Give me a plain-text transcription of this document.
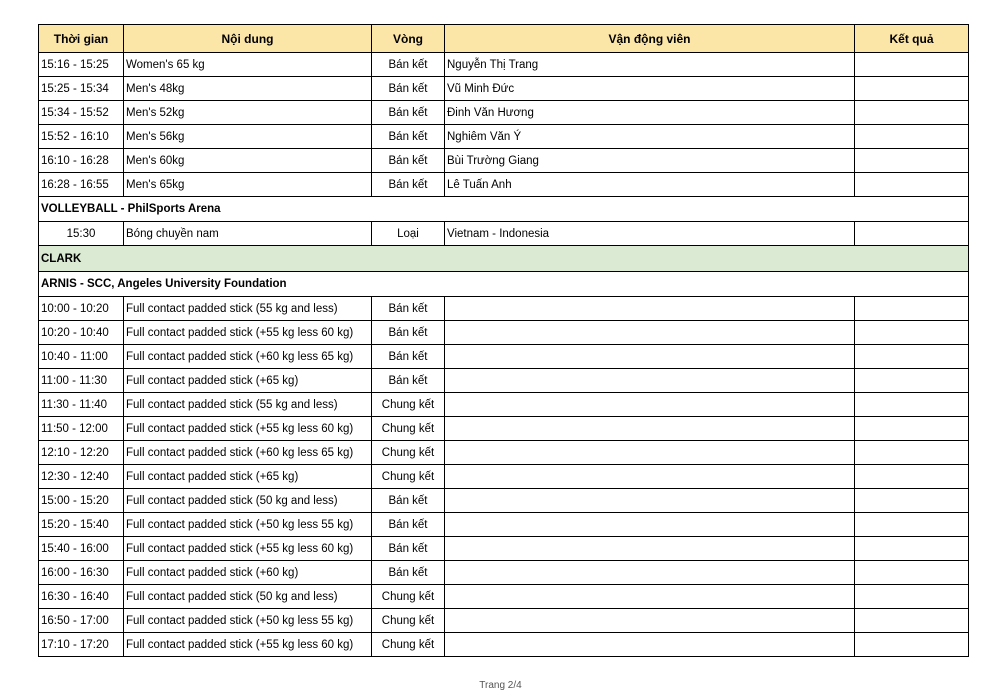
Thời gian	Nội dung	Vòng	Vận động viên	Kết quả
15:16 - 15:25	Women's 65 kg	Bán kết	Nguyễn Thị Trang	
15:25 - 15:34	Men's 48kg	Bán kết	Vũ Minh Đức	
15:34 - 15:52	Men's 52kg	Bán kết	Đinh Văn Hương	
15:52 - 16:10	Men's 56kg	Bán kết	Nghiêm Văn Ý	
16:10 - 16:28	Men's 60kg	Bán kết	Bùi Trường Giang	
16:28 - 16:55	Men's 65kg	Bán kết	Lê Tuấn Anh	
VOLLEYBALL - PhilSports Arena				
15:30	Bóng chuyền nam	Loại	Vietnam - Indonesia	
CLARK				
ARNIS - SCC, Angeles University Foundation				
10:00 - 10:20	Full contact padded stick (55 kg and less)	Bán kết		
10:20 - 10:40	Full contact padded stick (+55 kg less 60 kg)	Bán kết		
10:40 - 11:00	Full contact padded stick (+60 kg less 65 kg)	Bán kết		
11:00 - 11:30	Full contact padded stick (+65 kg)	Bán kết		
11:30 - 11:40	Full contact padded stick (55 kg and less)	Chung kết		
11:50 - 12:00	Full contact padded stick (+55 kg less 60 kg)	Chung kết		
12:10 - 12:20	Full contact padded stick (+60 kg less 65 kg)	Chung kết		
12:30 - 12:40	Full contact padded stick (+65 kg)	Chung kết		
15:00 - 15:20	Full contact padded stick (50 kg and less)	Bán kết		
15:20 - 15:40	Full contact padded stick (+50 kg less 55 kg)	Bán kết		
15:40 - 16:00	Full contact padded stick (+55 kg less 60 kg)	Bán kết		
16:00 - 16:30	Full contact padded stick (+60 kg)	Bán kết		
16:30 - 16:40	Full contact padded stick (50 kg and less)	Chung kết		
16:50 - 17:00	Full contact padded stick (+50 kg less 55 kg)	Chung kết		
17:10 - 17:20	Full contact padded stick (+55 kg less 60 kg)	Chung kết		
Trang 2/4
